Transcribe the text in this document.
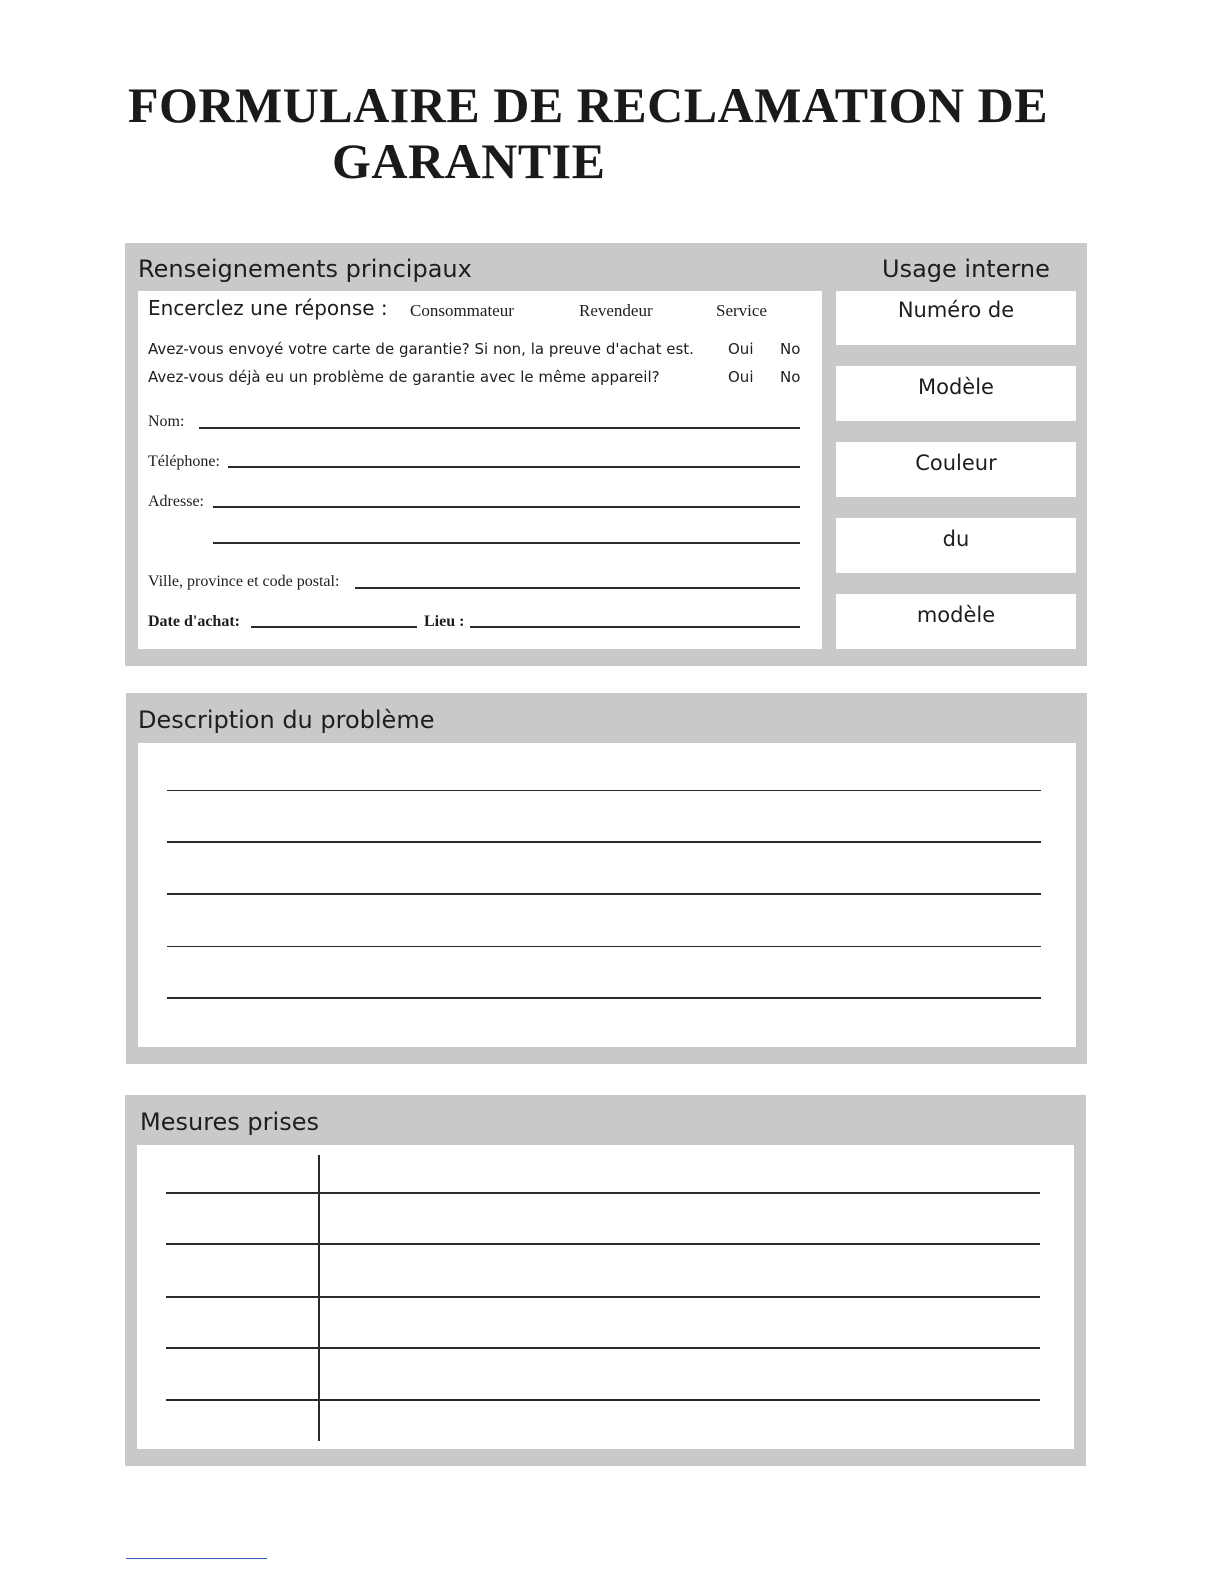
FORMULAIRE DE RECLAMATION DE
GARANTIE
Renseignements principaux	Usage interne
Encerclez une réponse : Consommateur	Revendeur	Service
Avez-vous envoyé votre carte de garantie? Si non, la preuve d'achat est. Oui No
Avez-vous déjà eu un problème de garantie avec le même appareil?	Oui No
Nom:
Téléphone:
Adresse:
Ville, province et code postal:
Date d'achat:	Lieu :
Numéro de
Modèle
Couleur
du
modèle
Description du problème
Mesures prises
